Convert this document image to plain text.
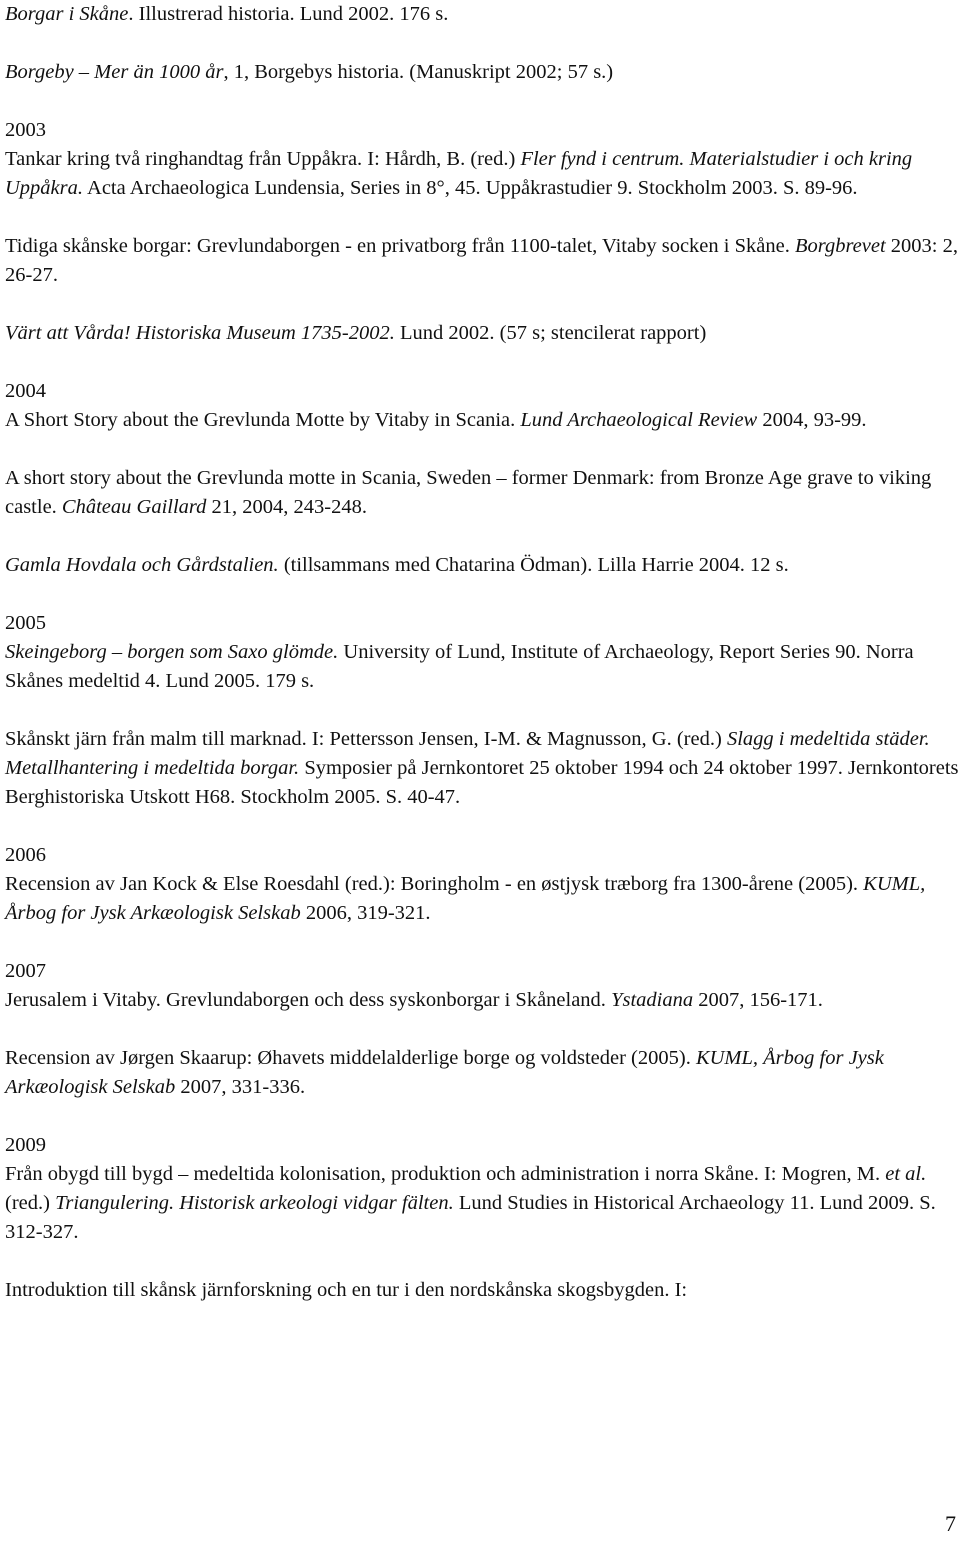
Borgar i Skåne. Illustrerad historia. Lund 2002. 176 s.
Borgeby – Mer än 1000 år, 1, Borgebys historia. (Manuskript 2002; 57 s.)
2003
Tankar kring två ringhandtag från Uppåkra. I: Hårdh, B. (red.) Fler fynd i centrum. Materialstudier i och kring Uppåkra. Acta Archaeologica Lundensia, Series in 8°, 45. Uppåkrastudier 9. Stockholm 2003. S. 89-96.
Tidiga skånske borgar: Grevlundaborgen - en privatborg från 1100-talet, Vitaby socken i Skåne. Borgbrevet 2003: 2, 26-27.
Värt att Vårda! Historiska Museum 1735-2002. Lund 2002. (57 s; stencilerat rapport)
2004
A Short Story about the Grevlunda Motte by Vitaby in Scania. Lund Archaeological Review 2004, 93-99.
A short story about the Grevlunda motte in Scania, Sweden – former Denmark: from Bronze Age grave to viking castle. Château Gaillard 21, 2004, 243-248.
Gamla Hovdala och Gårdstalien. (tillsammans med Chatarina Ödman). Lilla Harrie 2004. 12 s.
2005
Skeingeborg – borgen som Saxo glömde. University of Lund, Institute of Archaeology, Report Series 90. Norra Skånes medeltid 4. Lund 2005. 179 s.
Skånskt järn från malm till marknad. I: Pettersson Jensen, I-M. & Magnusson, G. (red.) Slagg i medeltida städer. Metallhantering i medeltida borgar. Symposier på Jernkontoret 25 oktober 1994 och 24 oktober 1997. Jernkontorets Berghistoriska Utskott H68. Stockholm 2005. S. 40-47.
2006
Recension av Jan Kock & Else Roesdahl (red.): Boringholm - en østjysk træborg fra 1300-årene (2005). KUML, Årbog for Jysk Arkæologisk Selskab 2006, 319-321.
2007
Jerusalem i Vitaby. Grevlundaborgen och dess syskonborgar i Skåneland. Ystadiana 2007, 156-171.
Recension av Jørgen Skaarup: Øhavets middelalderlige borge og voldsteder (2005). KUML, Årbog for Jysk Arkæologisk Selskab 2007, 331-336.
2009
Från obygd till bygd – medeltida kolonisation, produktion och administration i norra Skåne. I: Mogren, M. et al. (red.) Triangulering. Historisk arkeologi vidgar fälten. Lund Studies in Historical Archaeology 11. Lund 2009. S. 312-327.
Introduktion till skånsk järnforskning och en tur i den nordskånska skogsbygden. I:
7
